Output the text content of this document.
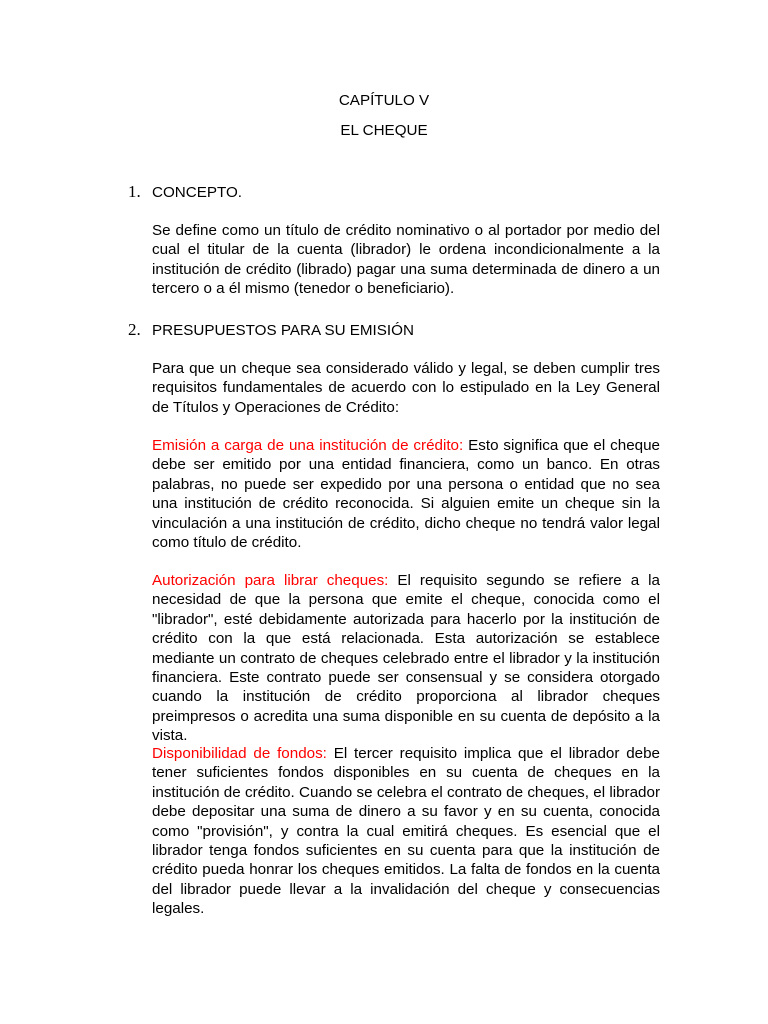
CAPÍTULO V
EL CHEQUE
1. CONCEPTO.

Se define como un título de crédito nominativo o al portador por medio del cual el titular de la cuenta (librador) le ordena incondicionalmente a la institución de crédito (librado) pagar una suma determinada de dinero a un tercero o a él mismo (tenedor o beneficiario).

2. PRESUPUESTOS PARA SU EMISIÓN

Para que un cheque sea considerado válido y legal, se deben cumplir tres requisitos fundamentales de acuerdo con lo estipulado en la Ley General de Títulos y Operaciones de Crédito:

Emisión a carga de una institución de crédito: Esto significa que el cheque debe ser emitido por una entidad financiera, como un banco. En otras palabras, no puede ser expedido por una persona o entidad que no sea una institución de crédito reconocida. Si alguien emite un cheque sin la vinculación a una institución de crédito, dicho cheque no tendrá valor legal como título de crédito.

Autorización para librar cheques: El requisito segundo se refiere a la necesidad de que la persona que emite el cheque, conocida como el "librador", esté debidamente autorizada para hacerlo por la institución de crédito con la que está relacionada. Esta autorización se establece mediante un contrato de cheques celebrado entre el librador y la institución financiera. Este contrato puede ser consensual y se considera otorgado cuando la institución de crédito proporciona al librador cheques preimpresos o acredita una suma disponible en su cuenta de depósito a la vista.

Disponibilidad de fondos: El tercer requisito implica que el librador debe tener suficientes fondos disponibles en su cuenta de cheques en la institución de crédito. Cuando se celebra el contrato de cheques, el librador debe depositar una suma de dinero a su favor y en su cuenta, conocida como "provisión", y contra la cual emitirá cheques. Es esencial que el librador tenga fondos suficientes en su cuenta para que la institución de crédito pueda honrar los cheques emitidos. La falta de fondos en la cuenta del librador puede llevar a la invalidación del cheque y consecuencias legales.
